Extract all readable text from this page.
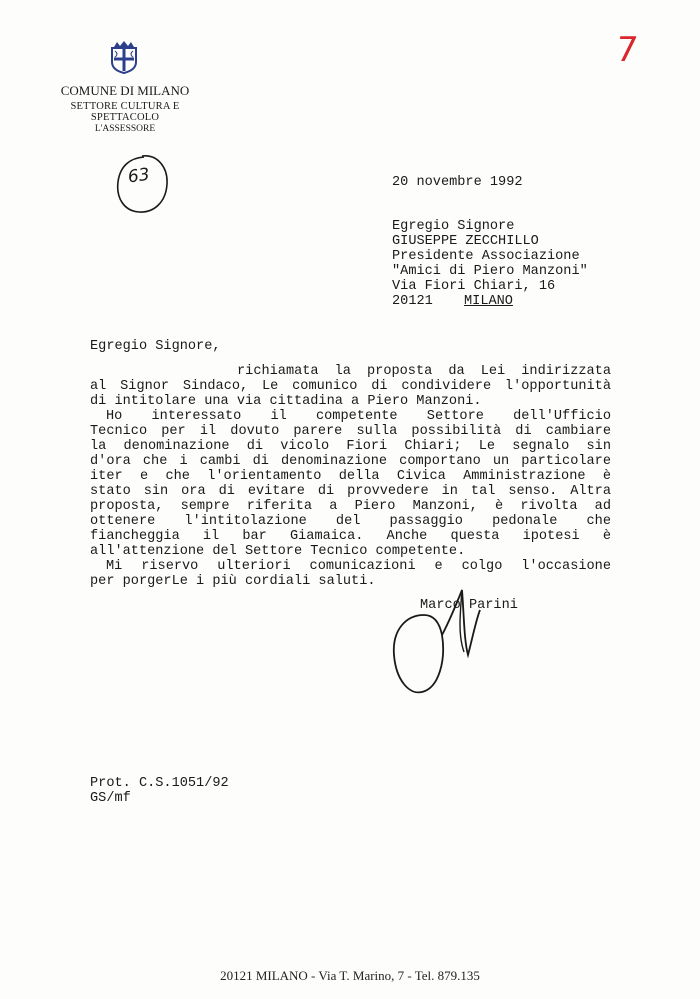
COMUNE DI MILANO
SETTORE CULTURA E SPETTACOLO
L'ASSESSORE
7
63	20 novembre 1992
Egregio Signore
GIUSEPPE ZECCHILLO
Presidente Associazione
"Amici di Piero Manzoni"
Via Fiori Chiari, 16
20121 MILANO
Egregio Signore,
richiamata la proposta da Lei indirizzata
al Signor Sindaco, Le comunico di condividere l'opportunità
di intitolare una via cittadina a Piero Manzoni.
Ho interessato il competente Settore dell'Ufficio
Tecnico per il dovuto parere sulla possibilità di cambiare
la denominazione di vicolo Fiori Chiari; Le segnalo sin
d'ora che i cambi di denominazione comportano un particolare
iter e che l'orientamento della Civica Amministrazione è
stato sin ora di evitare di provvedere in tal senso. Altra
proposta, sempre riferita a Piero Manzoni, è rivolta ad
ottenere l'intitolazione del passaggio pedonale che
fiancheggia il bar Giamaica. Anche questa ipotesi è
all'attenzione del Settore Tecnico competente.
Mi riservo ulteriori comunicazioni e colgo l'occasione
per porgerLe i più cordiali saluti.
Marco Parini
Prot. C.S.1051/92
GS/mf
20121 MILANO - Via T. Marino, 7 - Tel. 879.135
